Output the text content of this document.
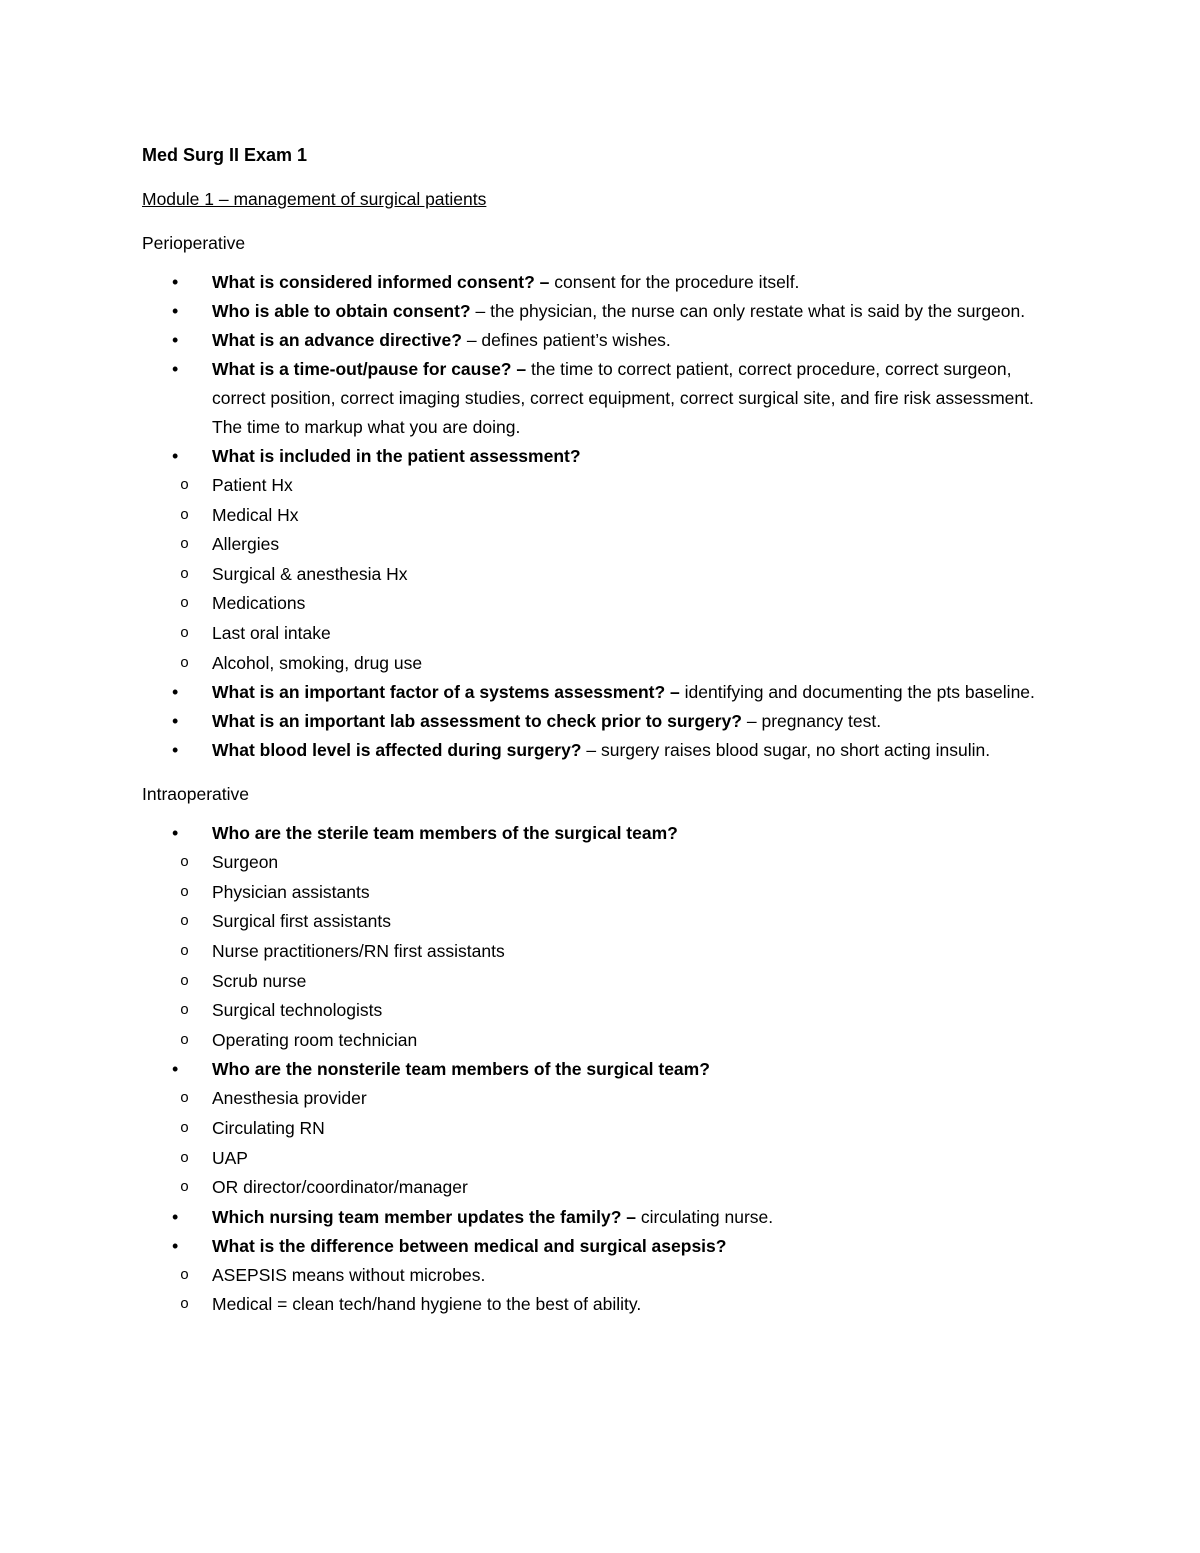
Med Surg II Exam 1
Module 1 – management of surgical patients
Perioperative
• What is considered informed consent? – consent for the procedure itself.
• Who is able to obtain consent? – the physician, the nurse can only restate what is said by the surgeon.
• What is an advance directive? – defines patient’s wishes.
• What is a time-out/pause for cause? – the time to correct patient, correct procedure, correct surgeon, correct position, correct imaging studies, correct equipment, correct surgical site, and fire risk assessment. The time to markup what you are doing.
• What is included in the patient assessment?
o Patient Hx
o Medical Hx
o Allergies
o Surgical & anesthesia Hx
o Medications
o Last oral intake
o Alcohol, smoking, drug use
• What is an important factor of a systems assessment? – identifying and documenting the pts baseline.
• What is an important lab assessment to check prior to surgery? – pregnancy test.
• What blood level is affected during surgery? – surgery raises blood sugar, no short acting insulin.
Intraoperative
• Who are the sterile team members of the surgical team?
o Surgeon
o Physician assistants
o Surgical first assistants
o Nurse practitioners/RN first assistants
o Scrub nurse
o Surgical technologists
o Operating room technician
• Who are the nonsterile team members of the surgical team?
o Anesthesia provider
o Circulating RN
o UAP
o OR director/coordinator/manager
• Which nursing team member updates the family? – circulating nurse.
• What is the difference between medical and surgical asepsis?
o ASEPSIS means without microbes.
o Medical = clean tech/hand hygiene to the best of ability.
